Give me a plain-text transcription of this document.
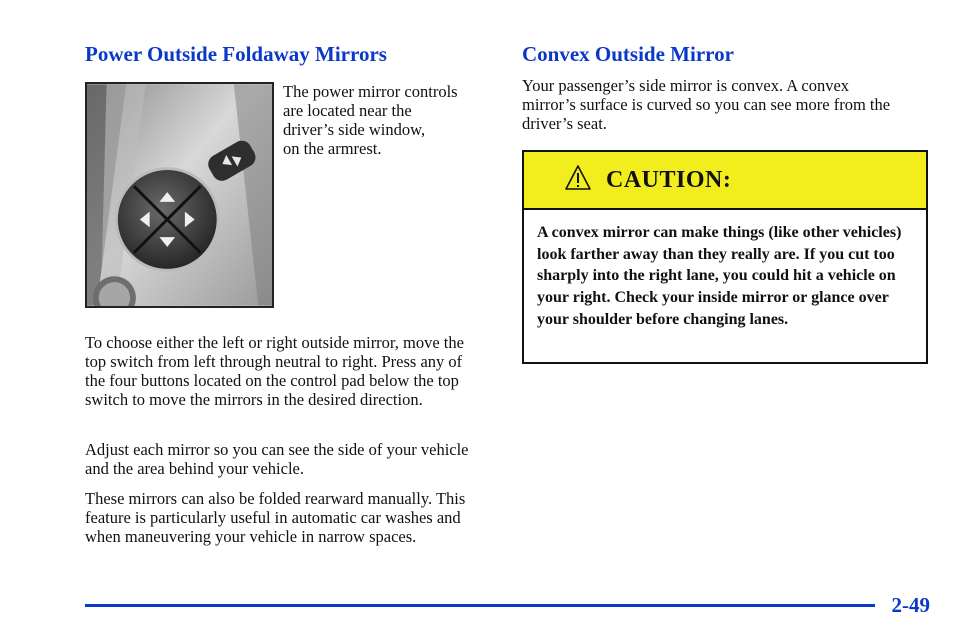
Power Outside Foldaway Mirrors
The power mirror controls
are located near the
driver’s side window,
on the armrest.

To choose either the left or right outside mirror, move the top switch from left through neutral to right. Press any of the four buttons located on the control pad below the top switch to move the mirrors in the desired direction.

Adjust each mirror so you can see the side of your vehicle and the area behind your vehicle.

These mirrors can also be folded rearward manually. This feature is particularly useful in automatic car washes and when maneuvering your vehicle in narrow spaces.

Convex Outside Mirror

Your passenger’s side mirror is convex. A convex mirror’s surface is curved so you can see more from the driver’s seat.

CAUTION:

A convex mirror can make things (like other vehicles) look farther away than they really are. If you cut too sharply into the right lane, you could hit a vehicle on your right. Check your inside mirror or glance over your shoulder before changing lanes.

2-49
